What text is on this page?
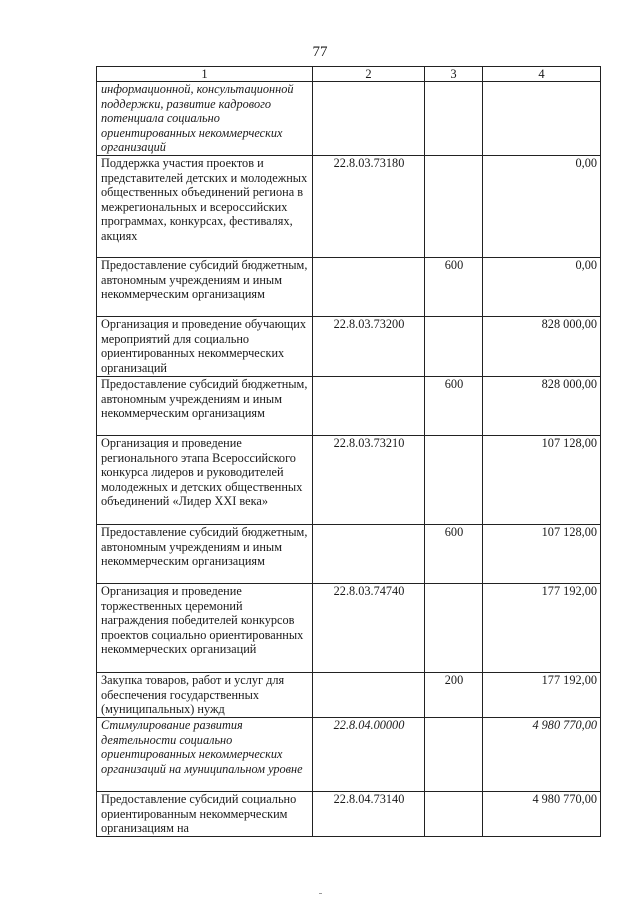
77
1	2	3	4
информационной, консультационной поддержки, развитие кадрового потенциала социально ориентированных некоммерческих организаций			
Поддержка участия проектов и представителей детских и молодежных общественных объединений региона в межрегиональных и всероссийских программах, конкурсах, фестивалях, акциях	22.8.03.73180		0,00
Предоставление субсидий бюджетным, автономным учреждениям и иным некоммерческим организациям		600	0,00
Организация и проведение обучающих мероприятий для социально ориентированных некоммерческих организаций	22.8.03.73200		828 000,00
Предоставление субсидий бюджетным, автономным учреждениям и иным некоммерческим организациям		600	828 000,00
Организация и проведение регионального этапа Всероссийского конкурса лидеров и руководителей молодежных и детских общественных объединений «Лидер XXI века»	22.8.03.73210		107 128,00
Предоставление субсидий бюджетным, автономным учреждениям и иным некоммерческим организациям		600	107 128,00
Организация и проведение торжественных церемоний награждения победителей конкурсов проектов социально ориентированных некоммерческих организаций	22.8.03.74740		177 192,00
Закупка товаров, работ и услуг для обеспечения государственных (муниципальных) нужд		200	177 192,00
Стимулирование развития деятельности социально ориентированных некоммерческих организаций на муниципальном уровне	22.8.04.00000		4 980 770,00
Предоставление субсидий социально ориентированным некоммерческим организациям на	22.8.04.73140		4 980 770,00
